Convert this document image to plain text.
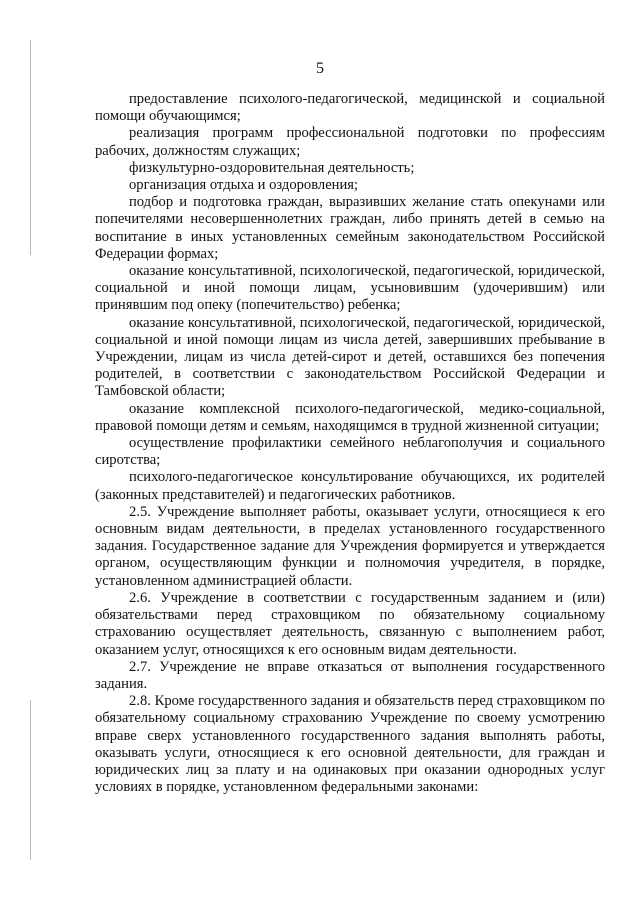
5

предоставление психолого-педагогической, медицинской и социальной помощи обучающимся;

реализация программ профессиональной подготовки по профессиям рабочих, должностям служащих;

физкультурно-оздоровительная деятельность;

организация отдыха и оздоровления;

подбор и подготовка граждан, выразивших желание стать опекунами или попечителями несовершеннолетних граждан, либо принять детей в семью на воспитание в иных установленных семейным законодательством Российской Федерации формах;

оказание консультативной, психологической, педагогической, юридической, социальной и иной помощи лицам, усыновившим (удочерившим) или принявшим под опеку (попечительство) ребенка;

оказание консультативной, психологической, педагогической, юридической, социальной и иной помощи лицам из числа детей, завершивших пребывание в Учреждении, лицам из числа детей-сирот и детей, оставшихся без попечения родителей, в соответствии с законодательством Российской Федерации и Тамбовской области;

оказание комплексной психолого-педагогической, медико-социальной, правовой помощи детям и семьям, находящимся в трудной жизненной ситуации;

осуществление профилактики семейного неблагополучия и социального сиротства;

психолого-педагогическое консультирование обучающихся, их родителей (законных представителей) и педагогических работников.

2.5. Учреждение выполняет работы, оказывает услуги, относящиеся к его основным видам деятельности, в пределах установленного государственного задания. Государственное задание для Учреждения формируется и утверждается органом, осуществляющим функции и полномочия учредителя, в порядке, установленном администрацией области.

2.6. Учреждение в соответствии с государственным заданием и (или) обязательствами перед страховщиком по обязательному социальному страхованию осуществляет деятельность, связанную с выполнением работ, оказанием услуг, относящихся к его основным видам деятельности.

2.7. Учреждение не вправе отказаться от выполнения государственного задания.

2.8. Кроме государственного задания и обязательств перед страховщиком по обязательному социальному страхованию Учреждение по своему усмотрению вправе сверх установленного государственного задания выполнять работы, оказывать услуги, относящиеся к его основной деятельности, для граждан и юридических лиц за плату и на одинаковых при оказании однородных услуг условиях в порядке, установленном федеральными законами:
